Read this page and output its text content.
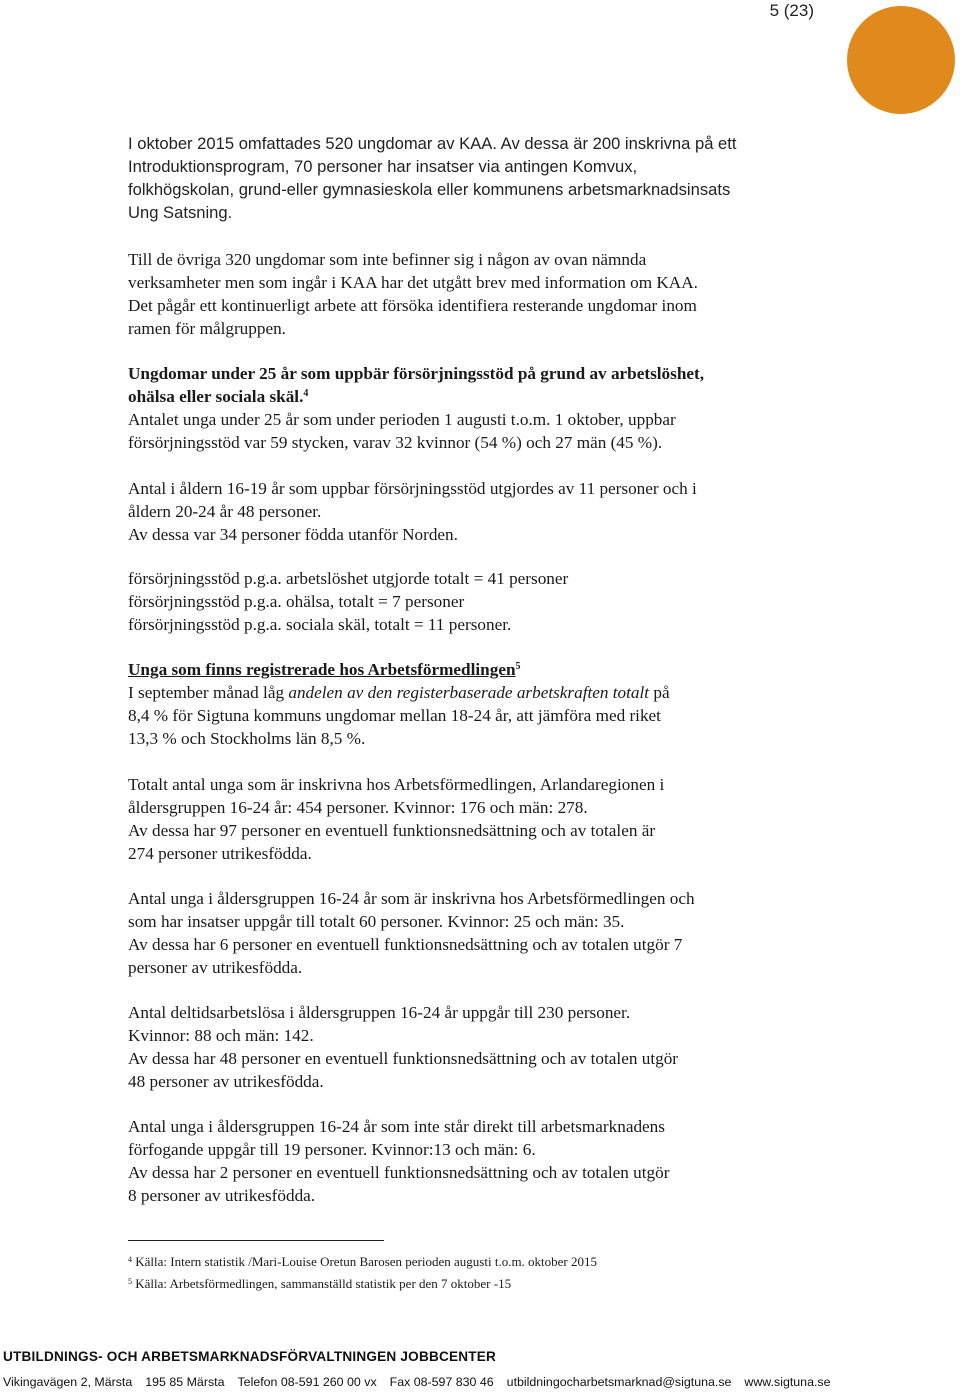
5 (23)
I oktober 2015 omfattades 520 ungdomar av KAA. Av dessa är 200 inskrivna på ett
Introduktionsprogram, 70 personer har insatser via antingen Komvux,
folkhögskolan, grund-eller gymnasieskola eller kommunens arbetsmarknadsinsats
Ung Satsning.
Till de övriga 320 ungdomar som inte befinner sig i någon av ovan nämnda
verksamheter men som ingår i KAA har det utgått brev med information om KAA.
Det pågår ett kontinuerligt arbete att försöka identifiera resterande ungdomar inom
ramen för målgruppen.
Ungdomar under 25 år som uppbär försörjningsstöd på grund av arbetslöshet,
ohälsa eller sociala skäl.$^4$
Antalet unga under 25 år som under perioden 1 augusti t.o.m. 1 oktober, uppbar
försörjningsstöd var 59 stycken, varav 32 kvinnor (54 %) och 27 män (45 %).
Antal i åldern 16-19 år som uppbar försörjningsstöd utgjordes av 11 personer och i
åldern 20-24 år 48 personer.
Av dessa var 34 personer födda utanför Norden.
försörjningsstöd p.g.a. arbetslöshet utgjorde totalt = 41 personer
försörjningsstöd p.g.a. ohälsa, totalt = 7 personer
försörjningsstöd p.g.a. sociala skäl, totalt = 11 personer.
Unga som finns registrerade hos Arbetsförmedlingen$^5$
I september månad låg andelen av den registerbaserade arbetskraften totalt på
8,4 % för Sigtuna kommuns ungdomar mellan 18-24 år, att jämföra med riket
13,3 % och Stockholms län 8,5 %.
Totalt antal unga som är inskrivna hos Arbetsförmedlingen, Arlandaregionen i
åldersgruppen 16-24 år: 454 personer. Kvinnor: 176 och män: 278.
Av dessa har 97 personer en eventuell funktionsnedsättning och av totalen är
274 personer utrikesfödda.
Antal unga i åldersgruppen 16-24 år som är inskrivna hos Arbetsförmedlingen och
som har insatser uppgår till totalt 60 personer. Kvinnor: 25 och män: 35.
Av dessa har 6 personer en eventuell funktionsnedsättning och av totalen utgör 7
personer av utrikesfödda.
Antal deltidsarbetslösa i åldersgruppen 16-24 år uppgår till 230 personer.
Kvinnor: 88 och män: 142.
Av dessa har 48 personer en eventuell funktionsnedsättning och av totalen utgör
48 personer av utrikesfödda.
Antal unga i åldersgruppen 16-24 år som inte står direkt till arbetsmarknadens
förfogande uppgår till 19 personer. Kvinnor:13 och män: 6.
Av dessa har 2 personer en eventuell funktionsnedsättning och av totalen utgör
8 personer av utrikesfödda.
$^4$ Källa: Intern statistik /Mari-Louise Oretun Barosen perioden augusti t.o.m. oktober 2015
$^5$ Källa: Arbetsförmedlingen, sammanställd statistik per den 7 oktober -15
UTBILDNINGS- OCH ARBETSMARKNADSFÖRVALTNINGEN JOBBCENTER
Vikingavägen 2, Märsta 195 85 Märsta Telefon 08-591 260 00 vx Fax 08-597 830 46 utbildningocharbetsmarknad@sigtuna.se www.sigtuna.se
